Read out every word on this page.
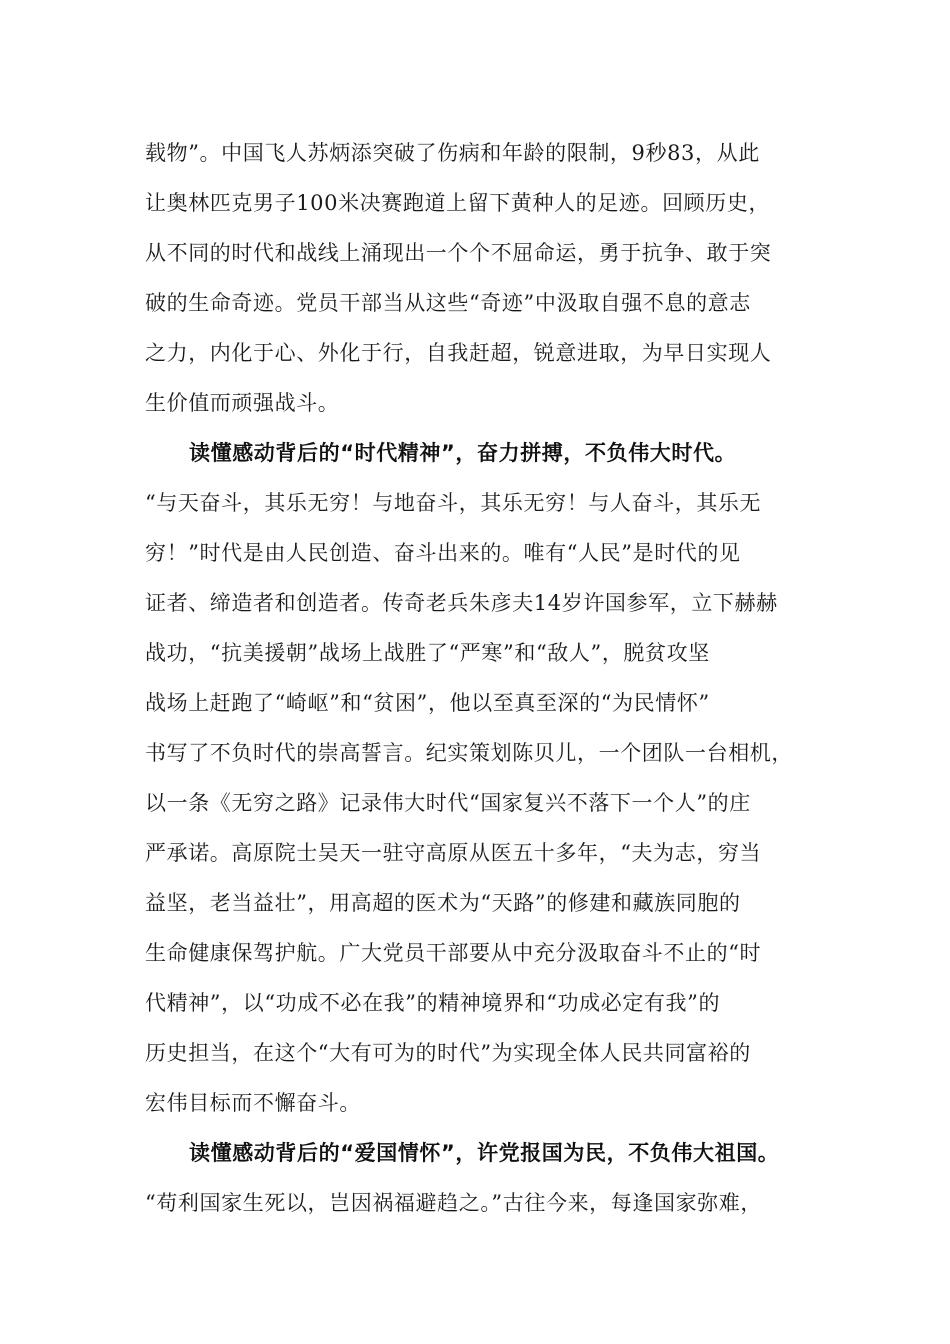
载物”。中国飞人苏炳添突破了伤病和年龄的限制，9秒83，从此
让奥林匹克男子100米决赛跑道上留下黄种人的足迹。回顾历史，
从不同的时代和战线上涌现出一个个不屈命运，勇于抗争、敢于突
破的生命奇迹。党员干部当从这些“奇迹”中汲取自强不息的意志
之力，内化于心、外化于行，自我赶超，锐意进取，为早日实现人
生价值而顽强战斗。
读懂感动背后的“时代精神”，奋力拼搏，不负伟大时代。
“与天奋斗，其乐无穷！与地奋斗，其乐无穷！与人奋斗，其乐无
穷！”时代是由人民创造、奋斗出来的。唯有“人民”是时代的见
证者、缔造者和创造者。传奇老兵朱彦夫14岁许国参军，立下赫赫
战功，“抗美援朝”战场上战胜了“严寒”和“敌人”，脱贫攻坚
战场上赶跑了“崎岖”和“贫困”，他以至真至深的“为民情怀”
书写了不负时代的崇高誓言。纪实策划陈贝儿，一个团队一台相机，
以一条《无穷之路》记录伟大时代“国家复兴不落下一个人”的庄
严承诺。高原院士吴天一驻守高原从医五十多年，“夫为志，穷当
益坚，老当益壮”，用高超的医术为“天路”的修建和藏族同胞的
生命健康保驾护航。广大党员干部要从中充分汲取奋斗不止的“时
代精神”，以“功成不必在我”的精神境界和“功成必定有我”的
历史担当，在这个“大有可为的时代”为实现全体人民共同富裕的
宏伟目标而不懈奋斗。
读懂感动背后的“爱国情怀”，许党报国为民，不负伟大祖国。
“苟利国家生死以，岂因祸福避趋之。”古往今来，每逢国家弥难，
